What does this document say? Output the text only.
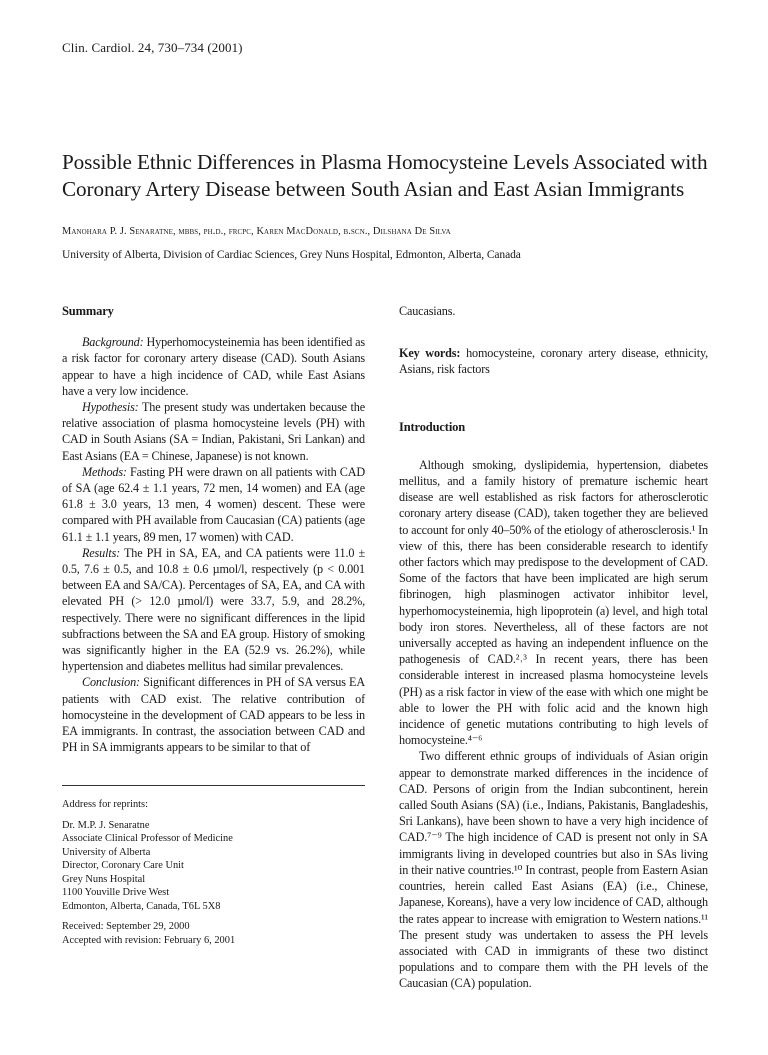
Clin. Cardiol. 24, 730–734 (2001)
Possible Ethnic Differences in Plasma Homocysteine Levels Associated with Coronary Artery Disease between South Asian and East Asian Immigrants
Manohara P. J. Senaratne, mbbs, ph.d., frcpc, Karen MacDonald, b.scn., Dilshana De Silva
University of Alberta, Division of Cardiac Sciences, Grey Nuns Hospital, Edmonton, Alberta, Canada
Summary

Background: Hyperhomocysteinemia has been identified as a risk factor for coronary artery disease (CAD). South Asians appear to have a high incidence of CAD, while East Asians have a very low incidence.

Hypothesis: The present study was undertaken because the relative association of plasma homocysteine levels (PH) with CAD in South Asians (SA = Indian, Pakistani, Sri Lankan) and East Asians (EA = Chinese, Japanese) is not known.

Methods: Fasting PH were drawn on all patients with CAD of SA (age 62.4 ± 1.1 years, 72 men, 14 women) and EA (age 61.8 ± 3.0 years, 13 men, 4 women) descent. These were compared with PH available from Caucasian (CA) patients (age 61.1 ± 1.1 years, 89 men, 17 women) with CAD.

Results: The PH in SA, EA, and CA patients were 11.0 ± 0.5, 7.6 ± 0.5, and 10.8 ± 0.6 µmol/l, respectively (p < 0.001 between EA and SA/CA). Percentages of SA, EA, and CA with elevated PH (> 12.0 µmol/l) were 33.7, 5.9, and 28.2%, respectively. There were no significant differences in the lipid subfractions between the SA and EA group. History of smoking was significantly higher in the EA (52.9 vs. 26.2%), while hypertension and diabetes mellitus had similar prevalences.

Conclusion: Significant differences in PH of SA versus EA patients with CAD exist. The relative contribution of homocysteine in the development of CAD appears to be less in EA immigrants. In contrast, the association between CAD and PH in SA immigrants appears to be similar to that of

Address for reprints:

Dr. M.P. J. Senaratne

Associate Clinical Professor of Medicine

University of Alberta

Director, Coronary Care Unit

Grey Nuns Hospital

1100 Youville Drive West

Edmonton, Alberta, Canada, T6L 5X8

Received: September 29, 2000

Accepted with revision: February 6, 2001

Caucasians.

Key words: homocysteine, coronary artery disease, ethnicity, Asians, risk factors
Introduction

Although smoking, dyslipidemia, hypertension, diabetes mellitus, and a family history of premature ischemic heart disease are well established as risk factors for atherosclerotic coronary artery disease (CAD), taken together they are believed to account for only 40–50% of the etiology of atherosclerosis.¹ In view of this, there has been considerable research to identify other factors which may predispose to the development of CAD. Some of the factors that have been implicated are high serum fibrinogen, high plasminogen activator inhibitor level, hyperhomocysteinemia, high lipoprotein (a) level, and high total body iron stores. Nevertheless, all of these factors are not universally accepted as having an independent influence on the pathogenesis of CAD.²˒³ In recent years, there has been considerable interest in increased plasma homocysteine levels (PH) as a risk factor in view of the ease with which one might be able to lower the PH with folic acid and the known high incidence of genetic mutations contributing to high levels of homocysteine.⁴⁻⁶

Two different ethnic groups of individuals of Asian origin appear to demonstrate marked differences in the incidence of CAD. Persons of origin from the Indian subcontinent, herein called South Asians (SA) (i.e., Indians, Pakistanis, Bangladeshis, Sri Lankans), have been shown to have a very high incidence of CAD.⁷⁻⁹ The high incidence of CAD is present not only in SA immigrants living in developed countries but also in SAs living in their native countries.¹⁰ In contrast, people from Eastern Asian countries, herein called East Asians (EA) (i.e., Chinese, Japanese, Koreans), have a very low incidence of CAD, although the rates appear to increase with emigration to Western nations.¹¹ The present study was undertaken to assess the PH levels associated with CAD in immigrants of these two distinct populations and to compare them with the PH levels of the Caucasian (CA) population.
